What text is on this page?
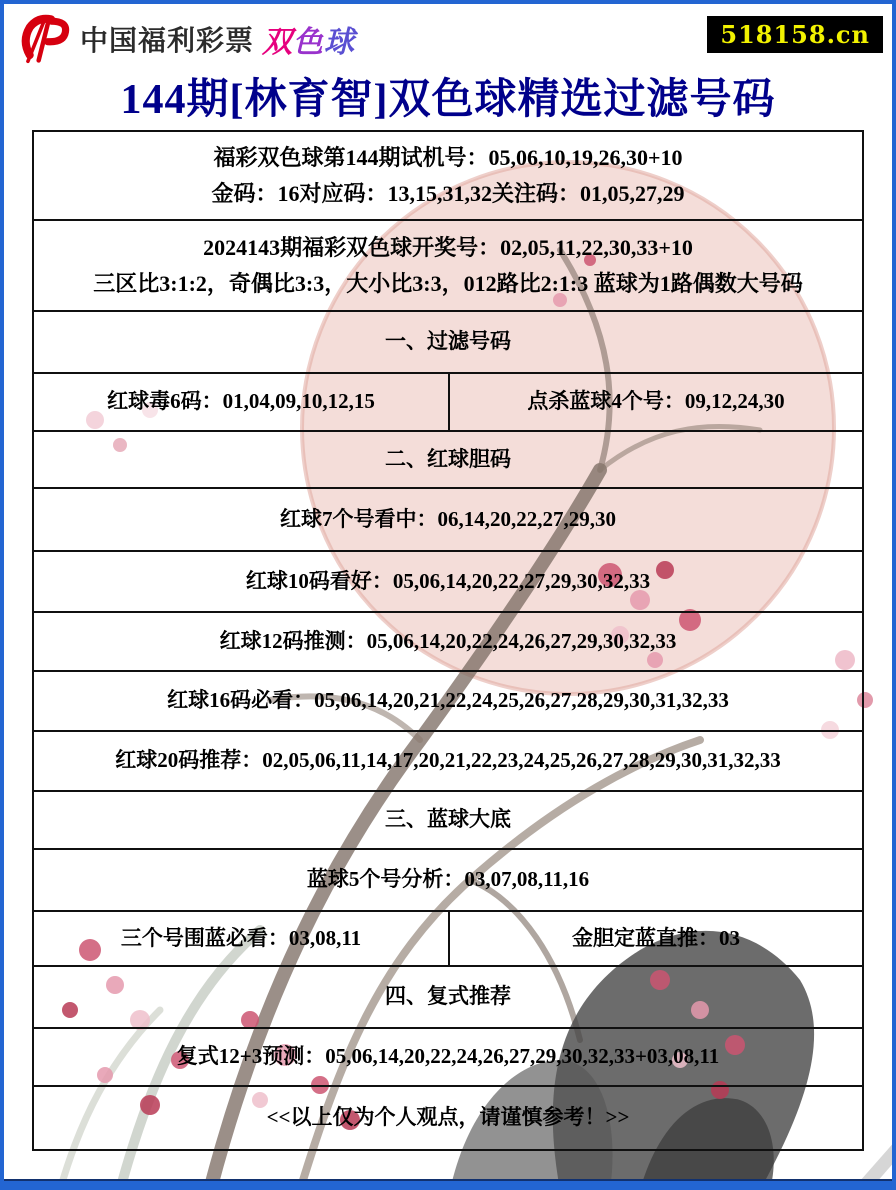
中国福利彩票 双色球	518158.cn
144期[林育智]双色球精选过滤号码
福彩双色球第144期试机号：05,06,10,19,26,30+10
金码：16对应码：13,15,31,32关注码：01,05,27,29
2024143期福彩双色球开奖号：02,05,11,22,30,33+10
三区比3:1:2，奇偶比3:3，大小比3:3，012路比2:1:3 蓝球为1路偶数大号码
一、过滤号码
红球毒6码：01,04,09,10,12,15	点杀蓝球4个号：09,12,24,30
二、红球胆码
红球7个号看中：06,14,20,22,27,29,30
红球10码看好：05,06,14,20,22,27,29,30,32,33
红球12码推测：05,06,14,20,22,24,26,27,29,30,32,33
红球16码必看：05,06,14,20,21,22,24,25,26,27,28,29,30,31,32,33
红球20码推荐：02,05,06,11,14,17,20,21,22,23,24,25,26,27,28,29,30,31,32,33
三、蓝球大底
蓝球5个号分析：03,07,08,11,16
三个号围蓝必看：03,08,11	金胆定蓝直推：03
四、复式推荐
复式12+3预测：05,06,14,20,22,24,26,27,29,30,32,33+03,08,11
<<以上仅为个人观点，请谨慎参考！>>
